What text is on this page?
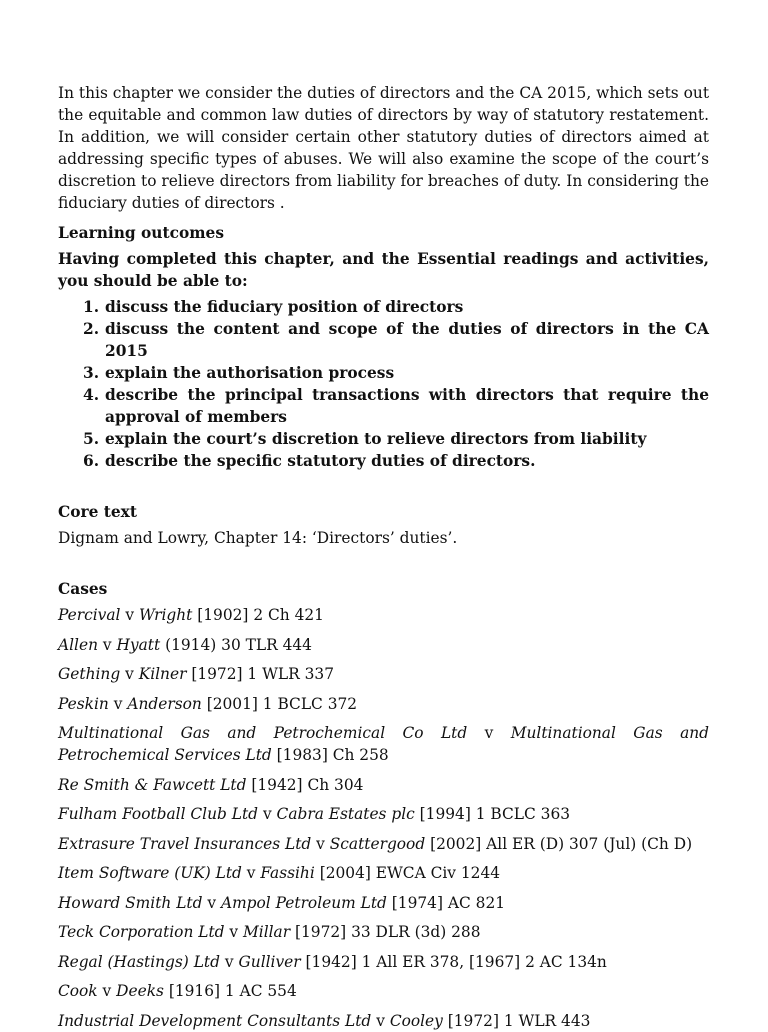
In this chapter we consider the duties of directors and the CA 2015, which sets out the equitable and common law duties of directors by way of statutory restatement. In addition, we will consider certain other statutory duties of directors aimed at addressing specific types of abuses. We will also examine the scope of the court’s discretion to relieve directors from liability for breaches of duty. In considering the fiduciary duties of directors .

Learning outcomes

Having completed this chapter, and the Essential readings and activities, you should be able to:

1. discuss the fiduciary position of directors
2. discuss the content and scope of the duties of directors in the CA 2015
3. explain the authorisation process
4. describe the principal transactions with directors that require the approval of members
5. explain the court’s discretion to relieve directors from liability
6. describe the specific statutory duties of directors.

Core text

Dignam and Lowry, Chapter 14: ‘Directors’ duties’.

Cases

Percival v Wright [1902] 2 Ch 421

Allen v Hyatt (1914) 30 TLR 444

Gething v Kilner [1972] 1 WLR 337

Peskin v Anderson [2001] 1 BCLC 372

Multinational Gas and Petrochemical Co Ltd v Multinational Gas and Petrochemical Services Ltd [1983] Ch 258

Re Smith & Fawcett Ltd [1942] Ch 304

Fulham Football Club Ltd v Cabra Estates plc [1994] 1 BCLC 363

Extrasure Travel Insurances Ltd v Scattergood [2002] All ER (D) 307 (Jul) (Ch D)

Item Software (UK) Ltd v Fassihi [2004] EWCA Civ 1244

Howard Smith Ltd v Ampol Petroleum Ltd [1974] AC 821

Teck Corporation Ltd v Millar [1972] 33 DLR (3d) 288

Regal (Hastings) Ltd v Gulliver [1942] 1 All ER 378, [1967] 2 AC 134n

Cook v Deeks [1916] 1 AC 554

Industrial Development Consultants Ltd v Cooley [1972] 1 WLR 443
